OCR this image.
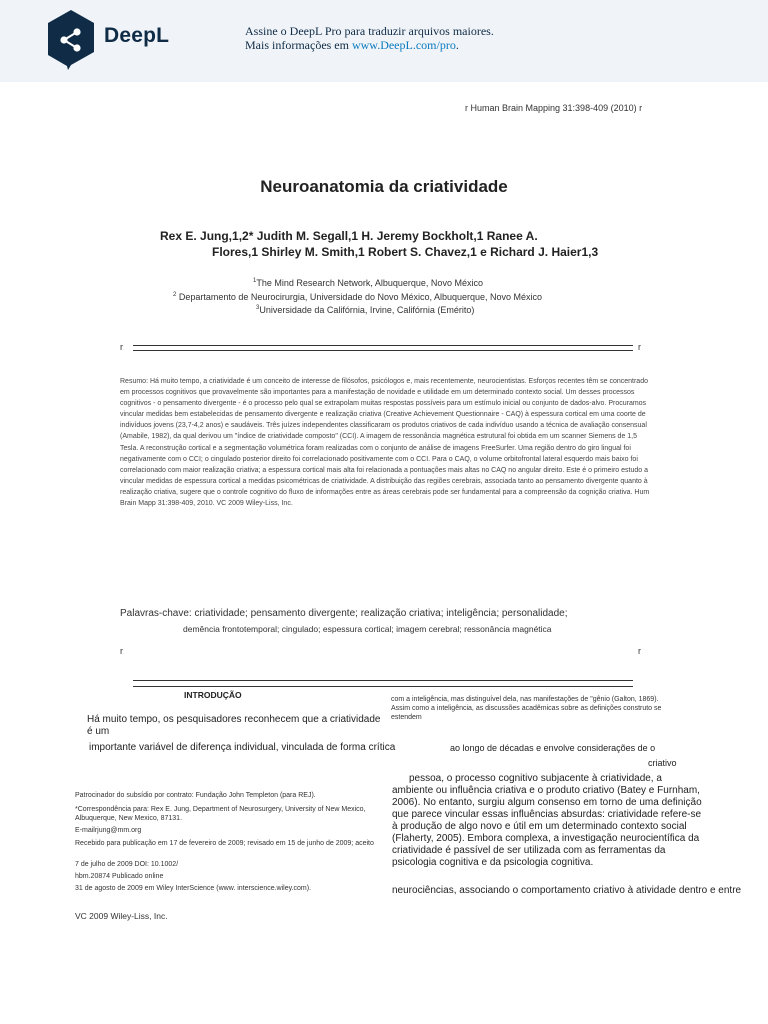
DeepL	Assine o DeepL Pro para traduzir arquivos maiores.
Mais informações em www.DeepL.com/pro.
r Human Brain Mapping 31:398-409 (2010) r
Neuroanatomia da criatividade
Rex E. Jung,1,2* Judith M. Segall,1 H. Jeremy Bockholt,1 Ranee A.
Flores,1 Shirley M. Smith,1 Robert S. Chavez,1 e Richard J. Haier1,3
$^1$The Mind Research Network, Albuquerque, Novo México
$^2$ Departamento de Neurocirurgia, Universidade do Novo México, Albuquerque, Novo México
$^3$Universidade da Califórnia, Irvine, Califórnia (Emérito)
r	r
Resumo: Há muito tempo, a criatividade é um conceito de interesse de filósofos, psicólogos e, mais recentemente, neurocientistas. Esforços recentes têm se concentrado em processos cognitivos que provavelmente são importantes para a manifestação de novidade e utilidade em um determinado contexto social. Um desses processos cognitivos - o pensamento divergente - é o processo pelo qual se extrapolam muitas respostas possíveis para um estímulo inicial ou conjunto de dados-alvo. Procuramos vincular medidas bem estabelecidas de pensamento divergente e realização criativa (Creative Achievement Questionnaire - CAQ) à espessura cortical em uma coorte de indivíduos jovens (23,7-4,2 anos) e saudáveis. Três juízes independentes classificaram os produtos criativos de cada indivíduo usando a técnica de avaliação consensual (Amabile, 1982), da qual derivou um "índice de criatividade composto" (CCI). A imagem de ressonância magnética estrutural foi obtida em um scanner Siemens de 1,5 Tesla. A reconstrução cortical e a segmentação volumétrica foram realizadas com o conjunto de análise de imagens FreeSurfer. Uma região dentro do giro lingual foi negativamente com o CCI; o cingulado posterior direito foi correlacionado positivamente com o CCI. Para o CAQ, o volume orbitofrontal lateral esquerdo mais baixo foi correlacionado com maior realização criativa; a espessura cortical mais alta foi relacionada a pontuações mais altas no CAQ no angular direito. Este é o primeiro estudo a vincular medidas de espessura cortical a medidas psicométricas de criatividade. A distribuição das regiões cerebrais, associada tanto ao pensamento divergente quanto à realização criativa, sugere que o controle cognitivo do fluxo de informações entre as áreas cerebrais pode ser fundamental para a compreensão da cognição criativa. Hum Brain Mapp 31:398-409, 2010. VC 2009 Wiley-Liss, Inc.
Palavras-chave: criatividade; pensamento divergente; realização criativa; inteligência; personalidade;
demência frontotemporal; cingulado; espessura cortical; imagem cerebral; ressonância magnética
r	r
INTRODUÇÃO
Há muito tempo, os pesquisadores reconhecem que a criatividade é um
importante variável de diferença individual, vinculada de forma crítica
Patrocinador do subsídio por contrato: Fundação John Templeton (para REJ).
*Correspondência para: Rex E. Jung, Department of Neurosurgery, University of New Mexico, Albuquerque, New Mexico, 87131.
E-mailrjung@mm.org
Recebido para publicação em 17 de fevereiro de 2009; revisado em 15 de junho de 2009; aceito
7 de julho de 2009 DOI: 10.1002/
hbm.20874 Publicado online
31 de agosto de 2009 em Wiley InterScience (www. interscience.wiley.com).
VC 2009 Wiley-Liss, Inc.
com a inteligência, mas distinguível dela, nas manifestações de "gênio (Galton, 1869). Assim como a inteligência, as discussões acadêmicas sobre as definições construto se estendem
ao longo de décadas e envolve considerações de o
criativo
pessoa, o processo cognitivo subjacente à criatividade, a
ambiente ou influência criativa e o produto criativo (Batey e Furnham, 2006). No entanto, surgiu algum consenso em torno de uma definição que parece vincular essas influências absurdas: criatividade refere-se à produção de algo novo e útil em um determinado contexto social (Flaherty, 2005). Embora complexa, a investigação neurocientífica da criatividade é passível de ser utilizada com as ferramentas da psicologia cognitiva e da psicologia cognitiva.
neurociências, associando o comportamento criativo à atividade dentro e entre
